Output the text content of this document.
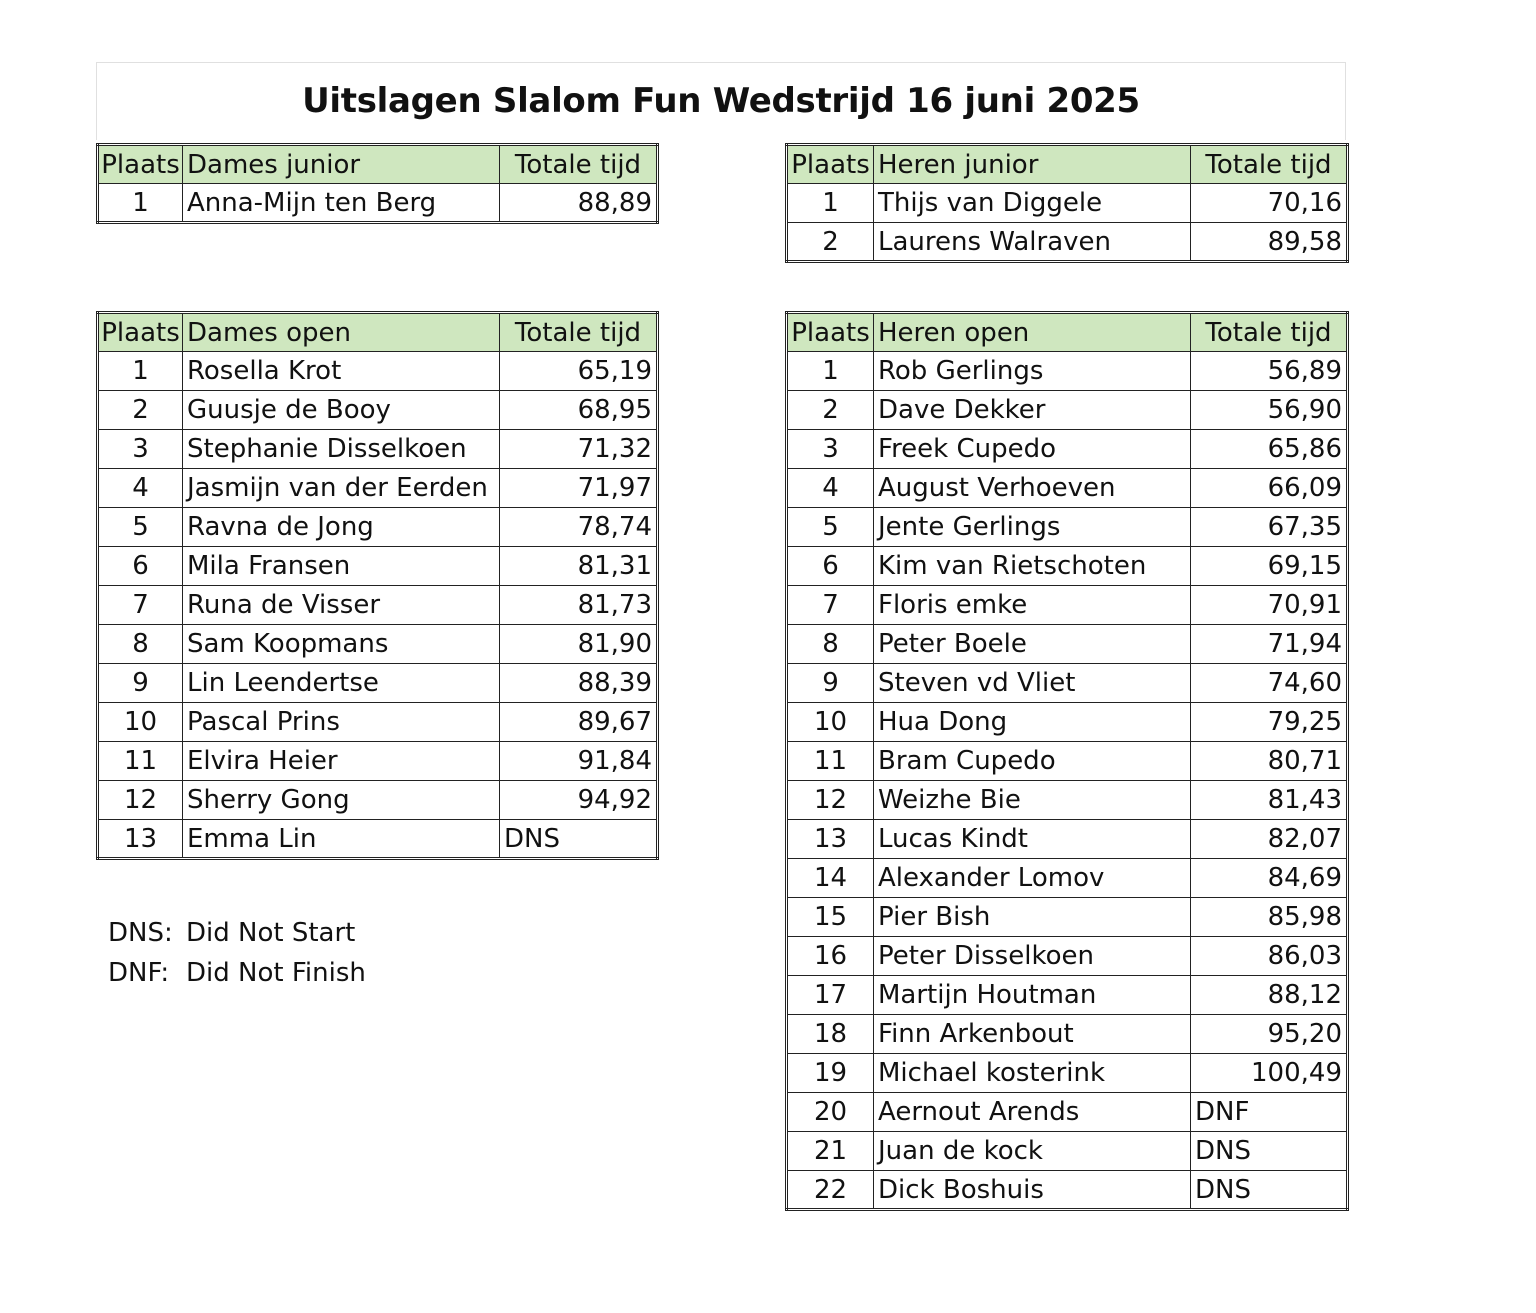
Uitslagen Slalom Fun Wedstrijd 16 juni 2025
Plaats	Dames junior	Totale tijd
1	Anna-Mijn ten Berg	88,89
Plaats	Heren junior	Totale tijd
1	Thijs van Diggele	70,16
2	Laurens Walraven	89,58
Plaats	Dames open	Totale tijd
1	Rosella Krot	65,19
2	Guusje de Booy	68,95
3	Stephanie Disselkoen	71,32
4	Jasmijn van der Eerden	71,97
5	Ravna de Jong	78,74
6	Mila Fransen	81,31
7	Runa de Visser	81,73
8	Sam Koopmans	81,90
9	Lin Leendertse	88,39
10	Pascal Prins	89,67
11	Elvira Heier	91,84
12	Sherry Gong	94,92
13	Emma Lin	DNS
Plaats	Heren open	Totale tijd
1	Rob Gerlings	56,89
2	Dave Dekker	56,90
3	Freek Cupedo	65,86
4	August Verhoeven	66,09
5	Jente Gerlings	67,35
6	Kim van Rietschoten	69,15
7	Floris emke	70,91
8	Peter Boele	71,94
9	Steven vd Vliet	74,60
10	Hua Dong	79,25
11	Bram Cupedo	80,71
12	Weizhe Bie	81,43
13	Lucas Kindt	82,07
14	Alexander Lomov	84,69
15	Pier Bish	85,98
16	Peter Disselkoen	86,03
17	Martijn Houtman	88,12
18	Finn Arkenbout	95,20
19	Michael kosterink	100,49
20	Aernout Arends	DNF
21	Juan de kock	DNS
22	Dick Boshuis	DNS
DNS: Did Not Start
DNF: Did Not Finish
